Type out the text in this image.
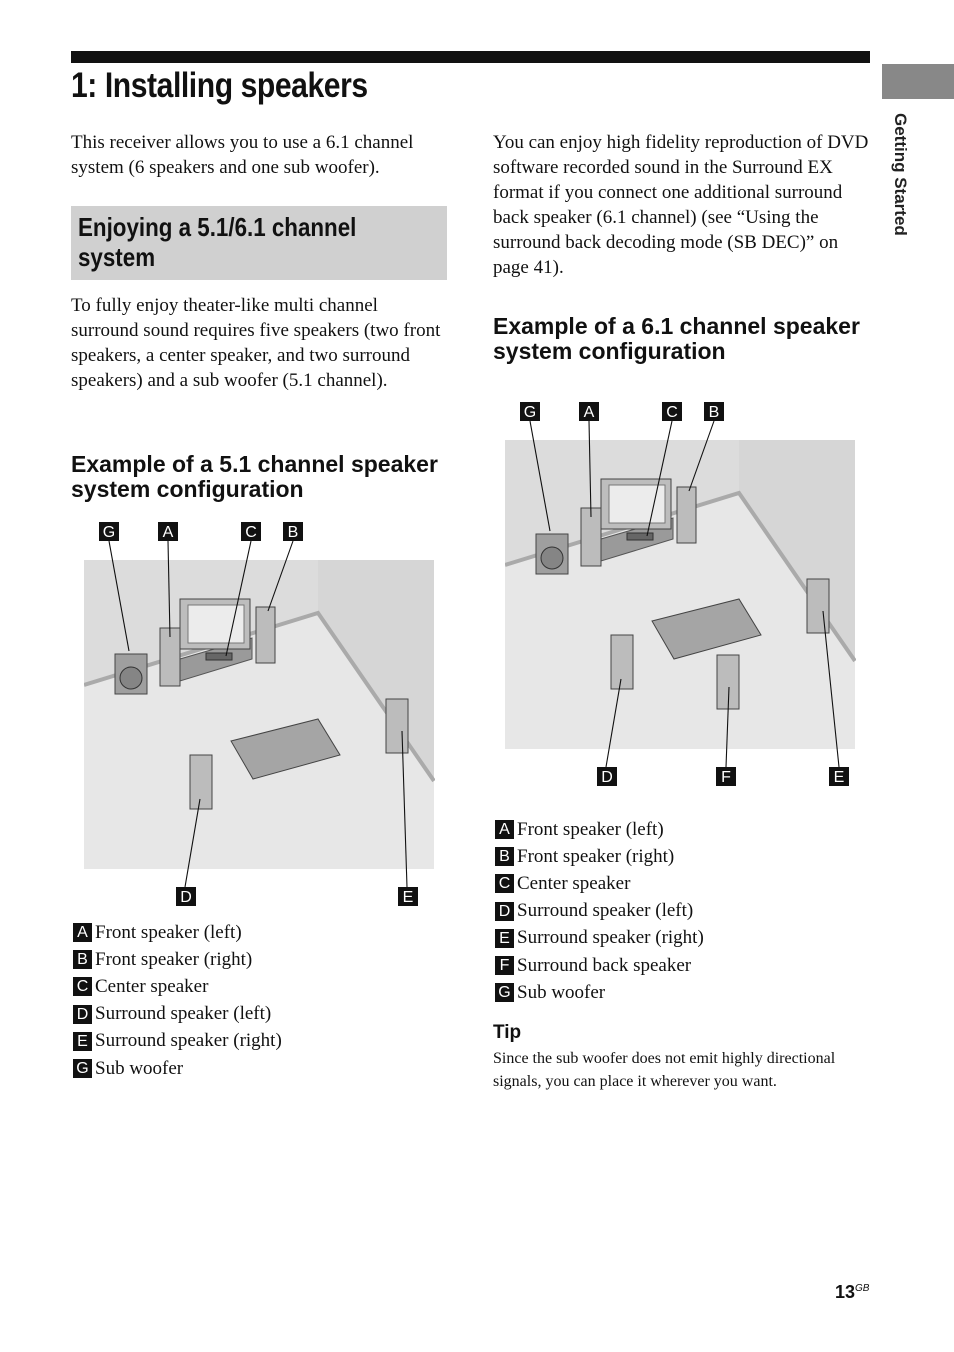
1: Installing speakers
Getting Started

This receiver allows you to use a 6.1 channel system (6 speakers and one sub woofer).

Enjoying a 5.1/6.1 channel system

To fully enjoy theater-like multi channel surround sound requires five speakers (two front speakers, a center speaker, and two surround speakers) and a sub woofer (5.1 channel).

Example of a 5.1 channel speaker system configuration
G	A	C B
D	E
A Front speaker (left)
B Front speaker (right)
C Center speaker
D Surround speaker (left)
E Surround speaker (right)
G Sub woofer

You can enjoy high fidelity reproduction of DVD software recorded sound in the Surround EX format if you connect one additional surround back speaker (6.1 channel) (see “Using the surround back decoding mode (SB DEC)” on page 41).

Example of a 6.1 channel speaker system configuration
G	A	C B
D	F	E
A Front speaker (left)
B Front speaker (right)
C Center speaker
D Surround speaker (left)
E Surround speaker (right)
F Surround back speaker
G Sub woofer
Tip

Since the sub woofer does not emit highly directional signals, you can place it wherever you want.

$13^{GB}$
